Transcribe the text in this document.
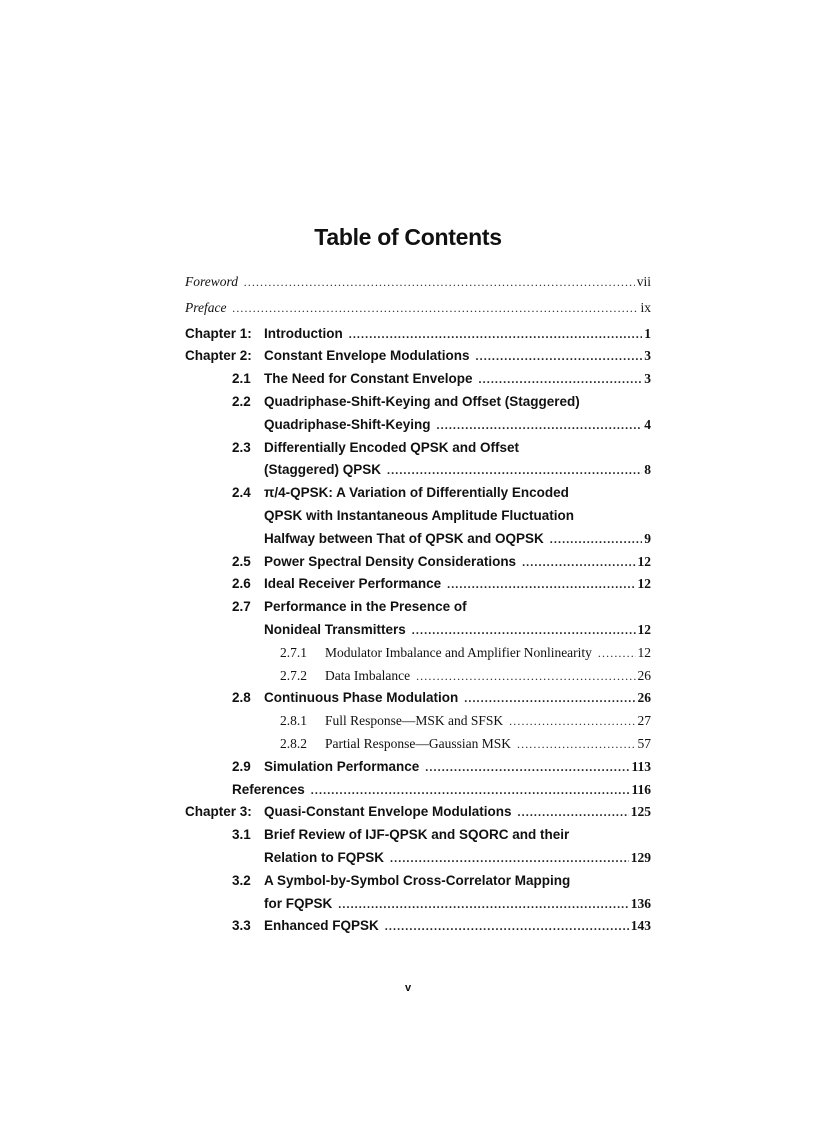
Table of Contents
Foreword .....	vii
Preface .....	ix
Chapter 1: Introduction .....	1
Chapter 2: Constant Envelope Modulations .....	3
2.1 The Need for Constant Envelope .....	3
2.2 Quadriphase-Shift-Keying and Offset (Staggered)
Quadriphase-Shift-Keying .....	4
2.3 Differentially Encoded QPSK and Offset
(Staggered) QPSK .....	8
2.4 π/4-QPSK: A Variation of Differentially Encoded
QPSK with Instantaneous Amplitude Fluctuation
Halfway between That of QPSK and OQPSK .....	9
2.5 Power Spectral Density Considerations .....	12
2.6 Ideal Receiver Performance .....	12
2.7 Performance in the Presence of
Nonideal Transmitters .....	12
2.7.1	Modulator Imbalance and Amplifier Nonlinearity .....	12
2.7.2	Data Imbalance .....	26
2.8 Continuous Phase Modulation .....	26
2.8.1	Full Response—MSK and SFSK .....	27
2.8.2	Partial Response—Gaussian MSK .....	57
2.9 Simulation Performance .....	113
References .....	116
Chapter 3: Quasi-Constant Envelope Modulations .....	125
3.1 Brief Review of IJF-QPSK and SQORC and their
Relation to FQPSK .....	129
3.2 A Symbol-by-Symbol Cross-Correlator Mapping
for FQPSK .....	136
3.3 Enhanced FQPSK .....	143
v
